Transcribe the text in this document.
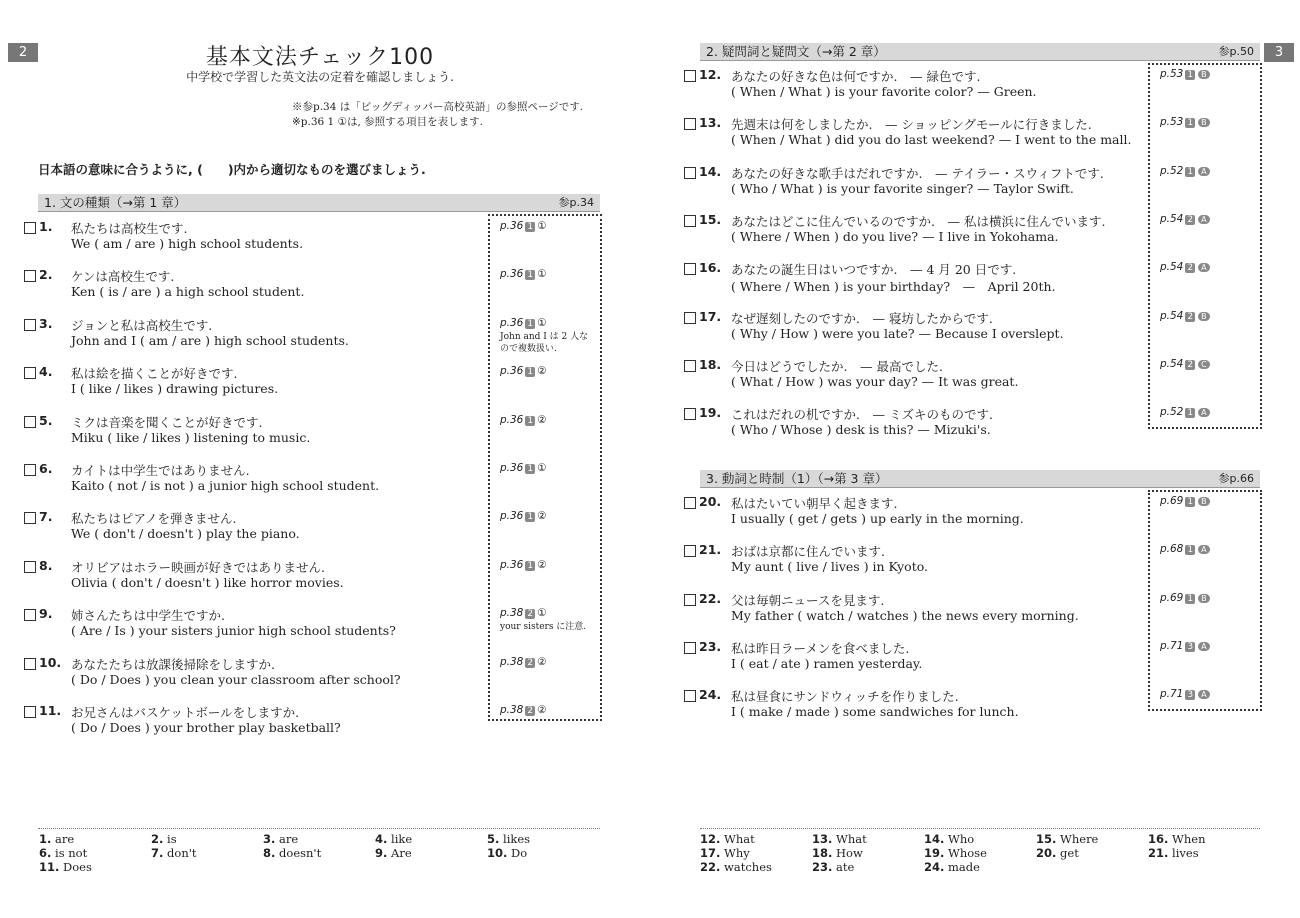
2	基本文法チェック100
中学校で学習した英文法の定着を確認しましょう.
※参p.34 は「ビッグディッパー高校英語」の参照ページです.
※p.36 1 ①は, 参照する項目を表します.
日本語の意味に合うように, (　　)内から適切なものを選びましょう.
1. 文の種類（→第 1 章）	参p.34
1. 私たちは高校生です.
We ( am / are ) high school students.
p.36 1 ①
2. ケンは高校生です.
Ken ( is / are ) a high school student.
p.36 1 ①
3. ジョンと私は高校生です.
John and I ( am / are ) high school students.
p.36 1 ①
John and I は 2 人なので複数扱い.
4. 私は絵を描くことが好きです.
I ( like / likes ) drawing pictures.
p.36 1 ②
5. ミクは音楽を聞くことが好きです.
Miku ( like / likes ) listening to music.
p.36 1 ②
6. カイトは中学生ではありません.
Kaito ( not / is not ) a junior high school student.
p.36 1 ①
7. 私たちはピアノを弾きません.
We ( don't / doesn't ) play the piano.
p.36 1 ②
8. オリビアはホラー映画が好きではありません.
Olivia ( don't / doesn't ) like horror movies.
p.36 1 ②
9. 姉さんたちは中学生ですか.
( Are / Is ) your sisters junior high school students?
p.38 2 ①
your sisters に注意.
10. あなたたちは放課後掃除をしますか.
( Do / Does ) you clean your classroom after school?
p.38 2 ②
11. お兄さんはバスケットボールをしますか.
( Do / Does ) your brother play basketball?
p.38 2 ②
1. are	2. is	3. are	4. like	5. likes
6. is not	7. don't	8. doesn't	9. Are	10. Do
11. Does
3
2. 疑問詞と疑問文（→第 2 章）	参p.50
3. 動詞と時制（1）（→第 3 章）	参p.66
12. あなたの好きな色は何ですか.　— 緑色です.
( When / What ) is your favorite color? — Green.
p.53 1 B
13. 先週末は何をしましたか.　— ショッピングモールに行きました.
( When / What ) did you do last weekend? — I went to the mall.
p.53 1 B
14. あなたの好きな歌手はだれですか.　— テイラー・スウィフトです.
( Who / What ) is your favorite singer? — Taylor Swift.
p.52 1 A
15. あなたはどこに住んでいるのですか.　— 私は横浜に住んでいます.
( Where / When ) do you live? — I live in Yokohama.
p.54 2 A
16. あなたの誕生日はいつですか.　— 4 月 20 日です.
( Where / When ) is your birthday?　—　April 20th.
p.54 2 A
17. なぜ遅刻したのですか.　— 寝坊したからです.
( Why / How ) were you late? — Because I overslept.
p.54 2 B
18. 今日はどうでしたか.　— 最高でした.
( What / How ) was your day? — It was great.
p.54 2 C
19. これはだれの机ですか.　— ミズキのものです.
( Who / Whose ) desk is this? — Mizuki's.
p.52 1 A
20. 私はたいてい朝早く起きます.
I usually ( get / gets ) up early in the morning.
p.69 1 B
21. おばは京都に住んでいます.
My aunt ( live / lives ) in Kyoto.
p.68 1 A
22. 父は毎朝ニュースを見ます.
My father ( watch / watches ) the news every morning.
p.69 1 B
23. 私は昨日ラーメンを食べました.
I ( eat / ate ) ramen yesterday.
p.71 3 A
24. 私は昼食にサンドウィッチを作りました.
I ( make / made ) some sandwiches for lunch.
p.71 3 A
12. What	13. What	14. Who	15. Where	16. When
17. Why	18. How	19. Whose	20. get	21. lives
22. watches	23. ate	24. made
